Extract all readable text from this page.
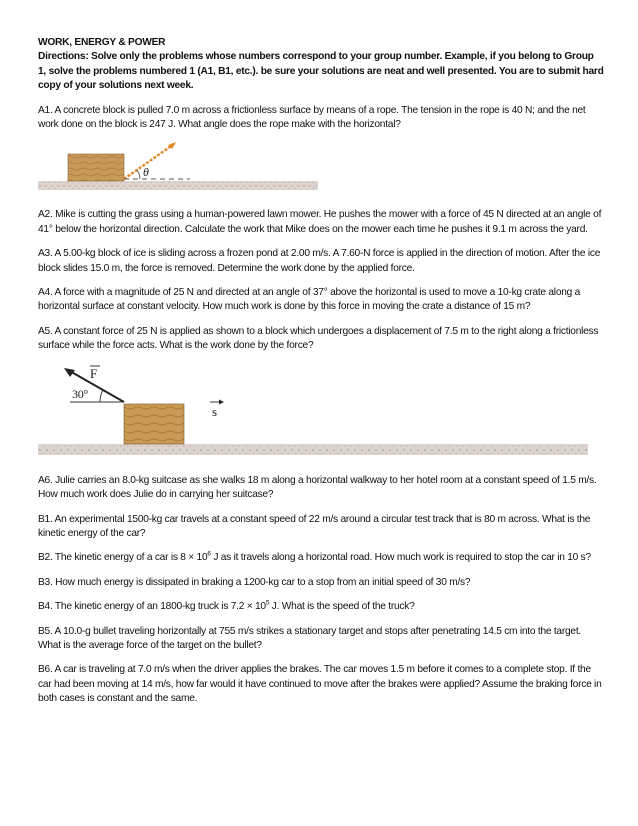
WORK, ENERGY & POWER

Directions: Solve only the problems whose numbers correspond to your group number. Example, if you belong to Group 1, solve the problems numbered 1 (A1, B1, etc.). be sure your solutions are neat and well presented. You are to submit hard copy of your solutions next week.

A1. A concrete block is pulled 7.0 m across a frictionless surface by means of a rope. The tension in the rope is 40 N; and the net work done on the block is 247 J. What angle does the rope make with the horizontal?

θ

A2. Mike is cutting the grass using a human-powered lawn mower. He pushes the mower with a force of 45 N directed at an angle of 41° below the horizontal direction. Calculate the work that Mike does on the mower each time he pushes it 9.1 m across the yard.

A3. A 5.00-kg block of ice is sliding across a frozen pond at 2.00 m/s. A 7.60-N force is applied in the direction of motion. After the ice block slides 15.0 m, the force is removed. Determine the work done by the applied force.

A4. A force with a magnitude of 25 N and directed at an angle of 37° above the horizontal is used to move a 10-kg crate along a horizontal surface at constant velocity. How much work is done by this force in moving the crate a distance of 15 m?

A5. A constant force of 25 N is applied as shown to a block which undergoes a displacement of 7.5 m to the right along a frictionless surface while the force acts. What is the work done by the force?

30°
F
s

A6. Julie carries an 8.0-kg suitcase as she walks 18 m along a horizontal walkway to her hotel room at a constant speed of 1.5 m/s. How much work does Julie do in carrying her suitcase?

B1. An experimental 1500-kg car travels at a constant speed of 22 m/s around a circular test track that is 80 m across. What is the kinetic energy of the car?

B2. The kinetic energy of a car is $8 \times 10^6$ J as it travels along a horizontal road. How much work is required to stop the car in 10 s?

B3. How much energy is dissipated in braking a 1200-kg car to a stop from an initial speed of 30 m/s?

B4. The kinetic energy of an 1800-kg truck is $7.2 \times 10^5$ J. What is the speed of the truck?

B5. A 10.0-g bullet traveling horizontally at 755 m/s strikes a stationary target and stops after penetrating 14.5 cm into the target. What is the average force of the target on the bullet?

B6. A car is traveling at 7.0 m/s when the driver applies the brakes. The car moves 1.5 m before it comes to a complete stop. If the car had been moving at 14 m/s, how far would it have continued to move after the brakes were applied? Assume the braking force in both cases is constant and the same.
